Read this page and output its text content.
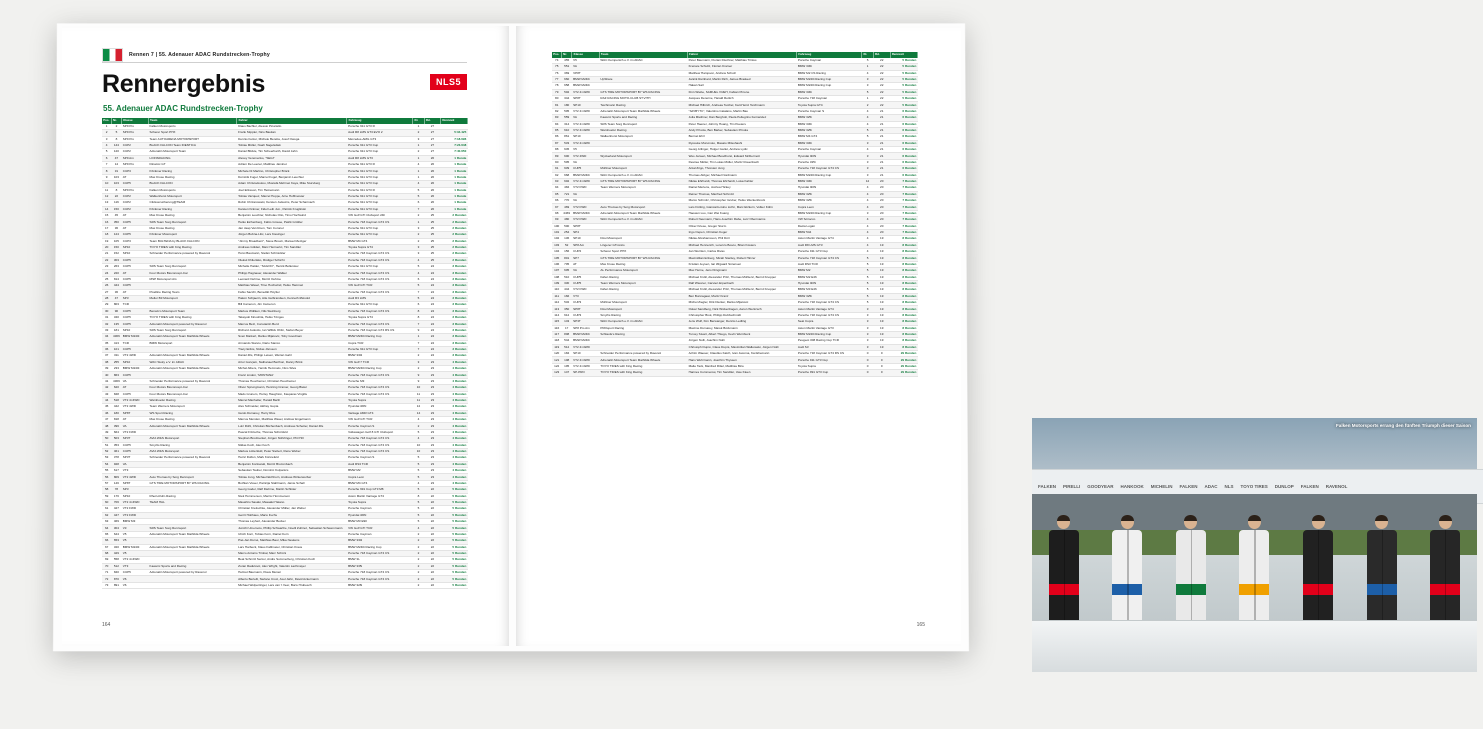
Rennen 7 | 55. Adenauer ADAC Rundstrecken-Trophy
Rennergebnis
55. Adenauer ADAC Rundstrecken-Trophy
NLS5
Pos.	Nr.	Klasse	Team	Fahrer	Fahrzeug	Kl.	Rd.	Rennzeit
1	2	SP9 Pro	Falken Motorsports	Klaus Bachler, Alessio Picariello	Porsche 911 GT3 R	1	27	
2	5	SP9 Pro	Scherer Sport PHX	Frank Stippler, Nico Bastian	Audi R8 LMS GT3 EVO 2	2	27	5:34.425
3	8	SP9 Pro	Team AUTOARENA MOTORSPORT	Dennis Fetzer, Michele Beretta, Jusuf Owega	Mercedes-AMG GT3	3	27	7:18.696
4	144	CUP2	BLACK FALCON Team IDENTICA	Tobias Müller, Noah Nagelsdiek	Porsche 911 GT3 Cup	1	27	7:23.648
5	120	CUP2	Adrenalin Motorsport Team	Daniel Blickle, Tim Scheerbarth, David Jahn	Porsche 911 GT3 Cup	2	27	7:40.650
6	47	SP9 Am	LIONSRACING	Alexey Veremenko, "SEGI"	Audi R8 LMS GT3	1	26	1 Runde
7	14	SP9 Pro	Dinamic GT	Adrien De Leener, Matthieu Jaminet	Porsche 911 GT3 R	4	26	1 Runde
8	31	CUP3	KKrämer Racing	Michele Di Martino, Christopher Brück	Porsche 911 GT3 Cup	1	26	1 Runde
9	103	AT	Max Kruse Racing	Dominik Fugel, Marcel Fugel, Benjamin Leuchter	Porsche 911 GT3 Cup	1	26	1 Runde
10	103	CUP5	BLACK FALCON	Adam Christodoulou, Mustafa Mehmet Kaya, Mike Stursberg	Porsche 911 GT3 Cup	4	26	1 Runde
11	8	SP9 Pro	Falken Motorsports	Joel Eriksson, Tim Heinemann	Porsche 911 GT3 R	5	26	1 Runde
12	22	CUP2	Walkenhorst Motorsport	Tobias Vazquez, Marcel Hoppe, Arne Hoffmeister	Porsche 911 GT3 Cup	5	26	1 Runde
13	116	CUP2	Clickversicherung@TEAM	Robin Chrzanowski, Kersten Jodexnis, Peter Scharmach	Porsche 911 GT3 Cup	6	26	1 Runde
14	150	CUP2	KKrämer Racing	Karsten Krämer, Fidel Leib Jun., Patrick Kruglinski	Porsche 911 GT3 Cup	7	26	1 Runde
15	45	AT	Max Kruse Racing	Benjamin Leuchter, Nicholas Otto, Timo Hochwind	VW Golf GTI Clubsport 24h	2	25	2 Runden
16	350	CUP5	SRS Team Sorg Rennsport	Heiko Eichenberg, Fabio Grosse, Patrik Grüttler	Porsche 718 Cayman GT4 CS	1	25	2 Runden
17	36	AT	Max Kruse Racing	Jan Jaap Van Roon, Tom Coronel	Porsche 911 GT3 Cup	3	25	2 Runden
18	124	CUP5	KKrämer Motorsport	Jürgen Bubna-Litic, Lars Kiesinger	Porsche 911 GT3 Cup	2	25	2 Runden
19	105	CUP3	Team BULTENA by BLACK FALCON	"Jimmy Broadbent", Steve Brown, Manuel Metzger	BMW M4 GT4	2	25	2 Runden
20	150	SP10	TOYO TIRES with King Racing	Andreas Gülden, Marc Hennerici, Tim Sandtler	Toyota Supra GT4	3	25	2 Runden
21	152	SP10	Schneider Performance powered by Ravenol	Horst Baumann, Stefan Schmickler	Porsche 718 Cayman GT4 CS	3	25	2 Runden
22	303	CUP5		Oleksii Khilenkko, Rüdiger Schicht	Porsche 718 Cayman GT4 CS	4	25	2 Runden
23	263	CUP5	SRS Team Sorg Rennsport	Michelle Halder, "SAGOO", Henrik Bollerslev	Porsche 911 GT3 Cup	5	24	3 Runden
24	220	AT	Four Motors Bioconcept-Car	Philipp Hagnauer, Alexander Walker	Porsche 718 Cayman GT4 CS	4	24	3 Runden
25	814	CUP5	MSP Motorsport AG	Leonard Oehme, Moritz Oehme	Porsche 718 Cayman GT4 CS	6	24	3 Runden
26	444	CUP5		Matthias Wasel, Timo Hochwind, Heiko Hammel	VW Golf GTI TCR	5	24	3 Runden
27	36	AT	Pixelline Racing Team	Fabio Sacchi, Benedikt Höytler	Porsche 718 Cayman GT4 CS	7	24	3 Runden
28	47	SP3	Mellor B3 Motorsport	Hakon Schjaerin, Atle Gulbrandsen, Kenneth Østvold	Audi R3 LMS	5	24	3 Runden
29	803	TCR		Bill Cameron, Jim Cameron	Porsche 911 GT3 Cup	6	24	3 Runden
30	90	CUP5	Benazzo Motorsport Team	Markus Wüllken, Nils Steinberg	Porsche 718 Cayman GT4 CS	8	24	3 Runden
31	340	CUP5	TOYO TIRES with King Racing	Takayuki Kinoshita, Heiko Tönges	Toyota Supra GT4	8	24	3 Runden
32	135	CUP5	Adrenalin Motorsport powered by Ravenol	Marcus Betz, Constantin Benz	Porsche 718 Cayman GT4 CS	7	24	3 Runden
33	181	SP10	SRS Team Sorg Rennsport	Richard Judovits, Ian Willick Ohlin, Stefan Beyer	Porsche 718 Cayman GT4 RS CS	9	24	3 Runden
34	4306	BMW M240i	Adrenalin Motorsport Team Mathilda Wheels	Sven Markert, Ranko Mijatovic, Toby Goodman	BMW M240i Racing Cup	1	24	3 Runden
35	413	TCR	BMW Motorsport	Armando Stanco, Dario Stanco	Cupra TCR	7	24	3 Runden
36	101	CUP5		Tracy Erdös, Niclas Jönsson	Porsche 911 GT3 Cup	7	24	3 Runden
37	311	VT2 4WD	Adrenalin Motorsport Team Mathilda Wheels	Daniel Zils, Philipp Leisen, Werian Gahl	BMW 330i	2	24	3 Runden
38	255	SP10	WAC Stoky e.V. im ADAC	Artur Gonçam, Nathanael Berthon, Danny Brink	VW Golf 7 TCR	3	23	4 Runden
39	233	BMW M240i	Adrenalin Motorsport Team Mathilda Wheels	Michel Albers, Yannik Hemmels, Nico Silva	BMW M240i Racing Cup	2	23	4 Runden
40	863	CUP5		Franz Lindon, 'MONTANA'	Porsche 718 Cayman GT4 CS	9	23	4 Runden
41	4309	VA	Schneider Performance powered by Ravenol	Thomas Heuchemer, Christian Heuchemer	Porsche M3	9	23	4 Runden
42	620	AT	Four Motors Bioconcept-Car	Oliver Sprungmann, Henning Cramer, Georg Bieler	Porsche 718 Cayman GT4 CS	10	23	4 Runden
43	848	CUP5	Four Motors Bioconcept-Car	Mads Grunem, Hurley Haughton, Kasparas Vingilis	Porsche 718 Cayman GT4 CS	11	23	4 Runden
44	518	VT2 4×4WD	Wamhoefer Racing	Marcel Manheller, Harald Barth	Toyota Supra	11	23	4 Runden
45	442	VT2 4WD	Team Werners Motorsport	Alex Schneider, Akihay Gupta	Hyundai i30N	12	23	4 Runden
46	180	SP8T	WS Sport Racing	Guido Dumarey, Harry Rice	Vantage AMR GT4	14	23	4 Runden
47	818	AT	Max Kruse Racing	Marcus Menden, Matthias Wasel, Andrew Engelmann	VW Golf GTI TCR	4	23	4 Runden
48	396	VA	Adrenalin Motorsport Team Mathilda Wheels	Lutz Rühl, Christian Büchenbach, Andreas Schetter, Daniel Zils	Porsche Cayman S	2	23	4 Runden
49	664	VT2 FWD		Pascal Fritzsche, Thomas Schönfeld	Volkswagen Golf 8 GTI Clubsport	5	23	4 Runden
50	503	SP3T	AVIA W&S Motorsport	Stephan Brodmerkel, Jürgen Nöhrlinger, Phil Hill	Porsche 718 Cayman GT4 CS	4	23	4 Runden
51	353	CUP5	Smyrlis Racing	Niklas Koch, Alex Koch	Porsche 718 Cayman GT4 CS	10	23	4 Runden
52	461	CUP5	AVIA W&S Motorsport	Markus Lüttenfeld, Peter Siebert, Rene Weber	Porsche 718 Cayman GT4 CS	10	23	4 Runden
53	378	SP3T	Schneider Performance powered by Ravenol	Heinz Dolfen, Mark Künnefeld	Porsche Cayman S	5	23	4 Runden
54	928	VA		Benjamin Kozlowski, Moritz Brommbach	Audi RS3 TCR	5	23	4 Runden
55	617	VT3		Sebastian Tauber, Dominic Kulpanics	BMW M2	5	23	4 Runden
56	809	VT2 4WD	Auto Thomas by Sorg Rennsport	Tobias Jung, Michael Eichhorn, Andreas Winterwerber	Cupra Leon	5	23	4 Runden
57	146	SP8T	GTS TIRE MOTORSPORT BY WS RACING	Bothlan Visser, Patricija Stahlmann, Jamie Schall	BMW M4 GT4	4	23	4 Runden
58	78	SP3		Georg Goder, Ralf Diehme, Martin Schlüter	Porsche 991 Cup GT3 M8	5	22	5 Runden
59	176	SP10	Rhein-Ruhr-Racing	Niek Hommerson, Marnix Hommerson	Aston Martin Vantage GT4	8	22	5 Runden
60	706	VT2 4×4WD	TEAM HAL	Masahiro Sasaki, Masaaki Hatano	Toyota Supra	5	22	5 Runden
61	427	VT2 FWD		Christian Kreitschke, Alexander Müller, Jan Weber	Porsche Cayman	5	22	5 Runden
62	447	VT2 FWD		Gerrit Holthaus, Mario Fuchs	Hyundai i30N	5	22	5 Runden
63	469	BMW M3		Thomas Leyhert, Alexander Becker	BMW M3 E90	5	22	5 Runden
64	304	V3	SRS Team Sorg Rennsport	Junichi Umemoto, Phillip Schwarthe, Noelli Zuhirez, Sebastian Schwemmann	VW Golf GTI TCR	4	22	5 Runden
65	644	V5	Adrenalin Motorsport Team Mathilda Wheels	Ulrich Korn, Tobias Korn, Daniel Korn	Porsche Cayman	2	22	5 Runden
66	653	V5		Piet-Jan Dumé, Matthias Baur, Mika Neskens	BMW 330i	2	22	5 Runden
67	320	BMW M240i	Adrenalin Motorsport Team Mathilda Wheels	Lars Harbeck, Klaus Faltlmeier, Christian Kraus	BMW M240i Racing Cup	2	22	5 Runden
68	429	V5		Marco Antonio Timbal, Marc Schöni	Porsche 718 Cayman GT4 CS	2	22	5 Runden
69	558	VT2 4×4WD		Beat Schmitz Senior, Andre Sommerberg, Christian Koch	BMW 3L	2	22	5 Runden
70	512	VT3	Kaweric Sports and Racing	Zoran Radulovic, Alex Wright, Valentin Lachmayer	BMW 335i	2	22	5 Runden
71	840	CUP5	Adrenalin Motorsport powered by Ravenol	Helmut Baumann, Klaus Menen	Porsche 718 Cayman GT4 CS	2	22	5 Runden
72	870	V6		Alberto Bertelli, Stefano Croci, Axel Jahn, David Ackermann	Porsche 718 Cayman GT4 CS	2	22	5 Runden
73	891	V6		Michael Wolpertinger, Lars van 't Veer, Boris Hrubesch	BMW 328i	2	22	5 Runden
164
Pos.	Nr.	Klasse	Team	Fahrer	Fahrzeug	Kl.	Rd.	Rennzeit
74	455	V5	WAC Kempenich e.V. im ADAC	Peter Baumann, Florian Dischner, Matthias Trinius	Porsche Cayman	5	22	5 Runden
75	551	VA		Krenare Schultz, Florian Kramer	BMW 330i	1	22	5 Runden
76	369	VP8T		Matthew Hampson, Andrew Schulz	BMW M2 CS Racing	4	22	5 Runden
77	660	BMW M240i	UpShare	Jannik Reinhard, Martin Rich, James Brasked	BMW M240i Racing Cup	3	22	5 Runden
78	658	BMW M240i		Hakan Sarl	BMW M240i Racing Cup	3	22	5 Runden
79	502	VT2 4×4WD	GTS TIRE MOTORSPORT BY WS RACING	Finn Wiebe, SAMUEL VIJEH, Fabian Pirrene	BMW 330i	5	22	5 Runden
80	344	SP8T	RAZ RACING MOTO-CLUB ST.VITH	Jacques Derenne, Harald Rettich	Porsche 718 Cayman	1	22	5 Runden
81	180	SP10	Teichmann Racing	Michael Hilbrich, Andreas Teichel, Karl-Heinz Teichmann	Toyota Supra GT4	2	22	5 Runden
82	505	VT2 4×4WD	Adrenalin Motorsport Team Mathilda Wheels	"bdVBYTC", Valentino Catalano, Martin Bau	Porsche Cayman S	4	21	6 Runden
83	559	VA	Kaweric Sports and Racing	Julia Miethner, Dan Bergholt, Paola Pellegrino Fernandez	BMW 325i	4	21	6 Runden
84	314	VT2 4×4WD	SRS Team Sorg Rennsport	Peter Haener, Johnny Huang, Tim Peeters	BMW 330i	4	21	6 Runden
85	610	VT2 4×4WD	Wamhoefer Racing	Andy Privola, Ben Barker, Sebastien Privola	BMW 325i	5	21	6 Runden
86	861	SP10	Walkenhorst Motorsport	Bennet Ehrl	BMW M4 GT4	5	21	6 Runden
87	533	VT2 4×4WD		Ryosuke Murumoto, Masato Mitsuhashi	BMW 330i	3	21	6 Runden
88	645	V5		Georg Arlinger, Holger Garlet, Andrew Lydic	Porsche Cayman	4	21	6 Runden
89	600	VT2 4WD	Wyckerland Motorsport	Wes Jansen, Michael Bosdhurst, Edward McDermott	Hyundai i30N	3	21	6 Runden
90	505	VA		Desiree Müller, Tim Lukas Müller, Moritz Rosenbach	Porsche 325i	3	21	6 Runden
91	939	CUP5	Mühlner Motorsport	Antal Zrigo, Thorsten Jung	Porsche 718 Cayman GT4 CS	3	21	6 Runden
92	668	BMW M240i	WAC Kempenich e.V. im ADAC	Thomas Alziger, Michael Nordmann	BMW M240i Racing Cup	3	21	6 Runden
93	602	VT2 4×4WD	GTS TIRE MOTORSPORT BY WS RACING	Niklas Ehrhardt, Thomas Ehrhardt, Luisa Kahler	BMW 330i	12	20	7 Runden
94	484	VT2 FWD	Team Werners Motorsport	Daniel Mertens, Joshua Hickey	Hyundai i30N	4	20	7 Runden
95	721	VA		Reiner Thomas, Manfred Schmitz	BMW 325i	4	20	7 Runden
96	770	VA		Marco Schmitz, Christopher Gruber, Heiko Weckenbrock	BMW 325i	4	20	7 Runden
97	469	VT2 FWD	Auto Thomas by Sorg Motorsport	Lars Fütting, Giancarlo-Gino Lichn, Marc Etzkorn, Volker Kühn	Cupra Leon	4	20	7 Runden
98	4469	BMW M240i	Adrenalin Motorsport Team Mathilda Wheels	Haowen Luo, Can Wei Kuang	BMW M240i Racing Cup	3	20	7 Runden
99	480	VT2 FWD	WAC Kempenich e.V. im ADAC	Robert Neumann, Hans-Joachim Rabe, Lutz Obermanns	VW Scirocco	4	20	7 Runden
100	500	SP8T		Oliver Kriese, Gregor Sturm	Dacia Logan	4	20	7 Runden
101	254	SP4		Ingo Oepen, Christian Koger	BMW 544	4	20	7 Runden
102	136	SP10	Düsi Motorsport	Niklas Abrahamsson, Phil Dörr	Aston Martin Vantage GT4	4	19	8 Runden
103	52	SP8 Am	Lingerer GTronics	Michael Hennerich, Lorenzo Bosco, Brian Küsters	Audi R8 LMS GT3	4	19	8 Runden
104	156	CUP2	Scherer Sport PHX	Jan Wernlen, Carlos Rivas	Porsche 911 GT3 Cup	4	19	8 Runden
105	801	SP7	GTS TIRE MOTORSPORT BY WS RACING	Maximillian Enberg, Micah Stanley, Robert Hinzer	Porsche 718 Cayman GT4 CS	5	19	8 Runden
106	705	AT	Max Kruse Racing	Kristian Jeysen, Ian Ørgaard Sörensen	Audi RS3 TCR	5	19	8 Runden
107	605	VA	AL Performance Motorsport	Max Herne, Jens Klingmann	BMW M2	5	19	8 Runden
108	510	CUP5	Ilsifen Racing	Michael Knöll, Alexander Pritz, Thomas Mühlenz, Bernd Knopper	BMW M2 E46	5	19	8 Runden
109	330	CUP5	Team Werners Motorsport	Ralf Wiesner, Carsten Erpenbach	Hyundai i30N	5	19	8 Runden
110	444	VT2 FWD	Ilsifen Racing	Michael Knöll, Alexander Pritz, Thomas Mühlenz, Bernd Knopper	BMW M3 E46	5	19	8 Runden
111	166	VT3		Ben Bunnagaat, Moritz Kranz	BMW 325i	5	19	8 Runden
112	532	CUP3	Mühlner Motorsport	Michel Ziegler, Dirk Dierker, Ranko Mijatovic	Porsche 718 Cayman GT4 CS	5	19	8 Runden
113	350	SP8T	Düsi Motorsport	Oskar Sandberg, Nick Wickenhagen, Aaron Wentzsch	Aston Martin Vantage GT4	3	19	8 Runden
114	612	CUP3	Smyrlis Racing	Christopher Brok, Philipp Dubbschmidt	Porsche 718 Cayman GT4 CS	3	19	8 Runden
115	143	SP3T	WAC Kempenich e.V. im ADAC	Jens Wulf, Kim Berwanger, Dennis Ledling	Seat Cupra	3	19	8 Runden
116	17	SP8 Pro Am	PROsport Racing	Maxime Dumarey, Marek Böckmann	Aston Martin Vantage GT3	3	19	8 Runden
117	808	BMW M240i	Schlaufe's Racing	Turvey Stuart, Albert Thiego, Kevin Wernbuck	BMW M240i Racing Cup	3	19	8 Runden
118	544	BMW M240i		Jürgen Nolli, Joachim Nolli	Peugeot 308 Racing Cup TCR	3	19	8 Runden
119	512	VT2 4×4WD		Christoph Dupré, Claus Dupré, Maximilian Walkowski, Jürgen Nolli	Audi S3	3	19	8 Runden
120	184	SP10	Schneider Performance powered by Ravenol	Achim Waeser, Claudius Katch, Ivan Jacoma, Kai Ehemann	Porsche 718 Cayman GT4 RS CS	0	0	29 Runden
121	108	VT2 4×4WD	Adrenalin Motorsport Team Mathilda Wheels	Hans Wehrmann, Joachim Thyssen	Porsche 911 GT3 Cup	0	0	29 Runden
122	195	VT2 4×4WD	TOYO TIRES with King Racing	Malte Tack, Manfred Rittel, Matthias Bins	Toyota Supra	0	0	29 Runden
123	147	SP-PRO	TOYO TIRES with King Racing	Hannes Cummerow, Tim Sandtler, Uwe Kleen	Porsche 991 GT3 Cup	0	0	29 Runden
FALKEN PIRELLI GOODYEAR HANKOOK MICHELIN FALKEN ADAC NLS TOYO TIRES DUNLOP FALKEN RAVENOL
Falken Motorsports errang den fünften Triumph dieser Saison
165
